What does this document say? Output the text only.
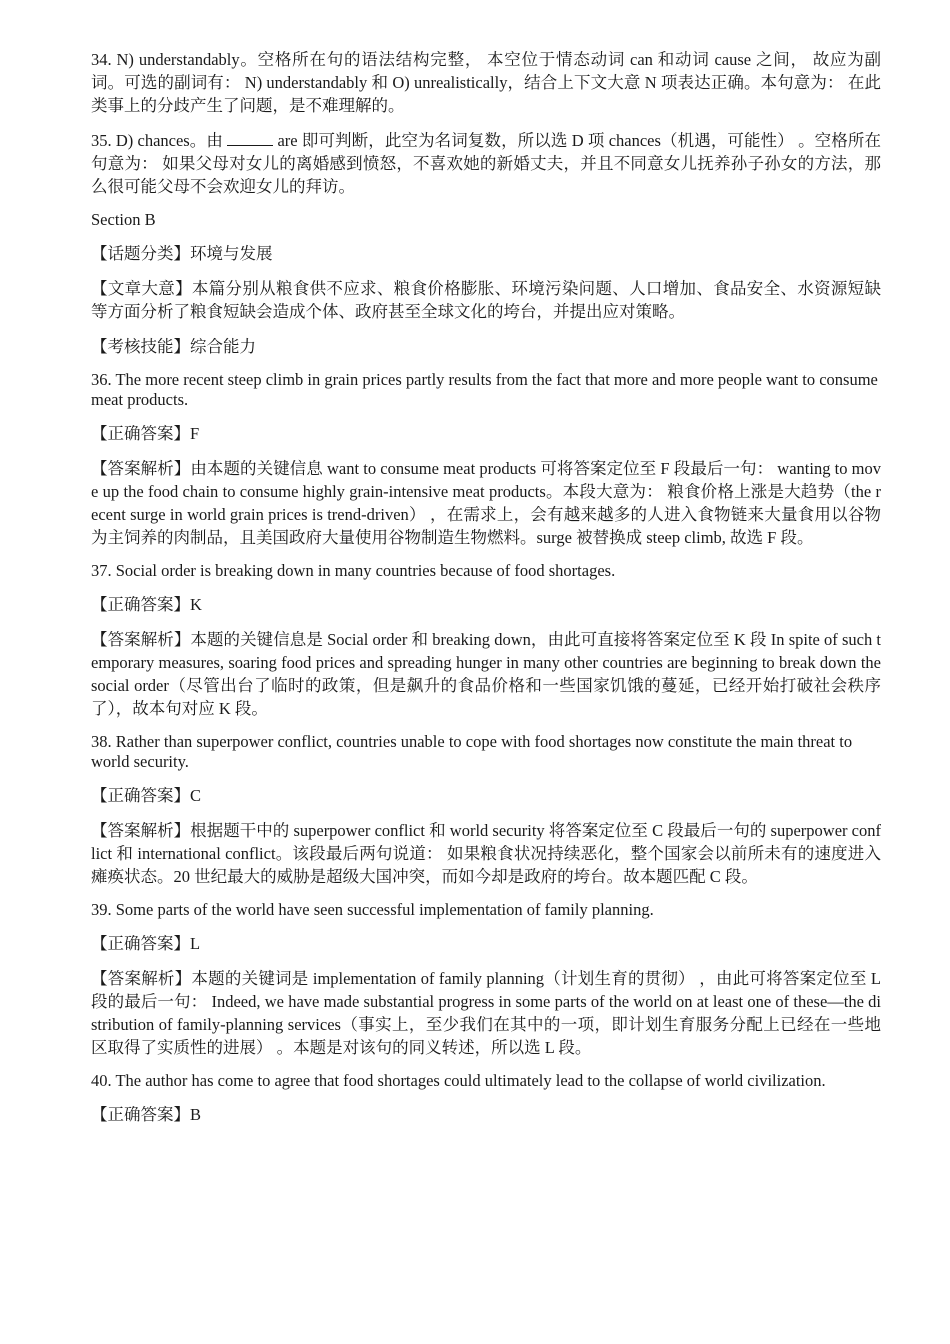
34. N) understandably。空格所在句的语法结构完整， 本空位于情态动词 can 和动词 cause 之间， 故应为副词。可选的副词有： N) understandably 和 O) unrealistically，结合上下文大意 N 项表达正确。本句意为： 在此类事上的分歧产生了问题，是不难理解的。

35. D) chances。由	are 即可判断，此空为名词复数，所以选 D 项 chances（机遇，可能性） 。空格所在句意为： 如果父母对女儿的离婚感到愤怒，不喜欢她的新婚丈夫，并且不同意女儿抚养孙子孙女的方法，那么很可能父母不会欢迎女儿的拜访。

Section B

【话题分类】环境与发展

【文章大意】本篇分别从粮食供不应求、粮食价格膨胀、环境污染问题、人口增加、食品安全、水资源短缺等方面分析了粮食短缺会造成个体、政府甚至全球文化的垮台，并提出应对策略。

【考核技能】综合能力

36. The more recent steep climb in grain prices partly results from the fact that more and more people want to consume meat products.

【正确答案】F

【答案解析】由本题的关键信息 want to consume meat products 可将答案定位至 F 段最后一句： wanting to move up the food chain to consume highly grain-intensive meat products。本段大意为： 粮食价格上涨是大趋势（the recent surge in world grain prices is trend-driven） ，在需求上，会有越来越多的人进入食物链来大量食用以谷物为主饲养的肉制品，且美国政府大量使用谷物制造生物燃料。surge 被替换成 steep climb, 故选 F 段。

37. Social order is breaking down in many countries because of food shortages.

【正确答案】K

【答案解析】本题的关键信息是 Social order 和 breaking down，由此可直接将答案定位至 K 段 In spite of such temporary measures, soaring food prices and spreading hunger in many other countries are beginning to break down the social order（尽管出台了临时的政策，但是飙升的食品价格和一些国家饥饿的蔓延，已经开始打破社会秩序了），故本句对应 K 段。

38. Rather than superpower conflict, countries unable to cope with food shortages now constitute the main threat to world security.

【正确答案】C

【答案解析】根据题干中的 superpower conflict 和 world security 将答案定位至 C 段最后一句的 superpower conflict 和 international conflict。该段最后两句说道： 如果粮食状况持续恶化，整个国家会以前所未有的速度进入瘫痪状态。20 世纪最大的威胁是超级大国冲突，而如今却是政府的垮台。故本题匹配 C 段。

39. Some parts of the world have seen successful implementation of family planning.

【正确答案】L

【答案解析】本题的关键词是 implementation of family planning（计划生育的贯彻） ，由此可将答案定位至 L 段的最后一句： Indeed, we have made substantial progress in some parts of the world on at least one of these—the distribution of family-planning services（事实上，至少我们在其中的一项，即计划生育服务分配上已经在一些地区取得了实质性的进展） 。本题是对该句的同义转述，所以选 L 段。

40. The author has come to agree that food shortages could ultimately lead to the collapse of world civilization.

【正确答案】B
